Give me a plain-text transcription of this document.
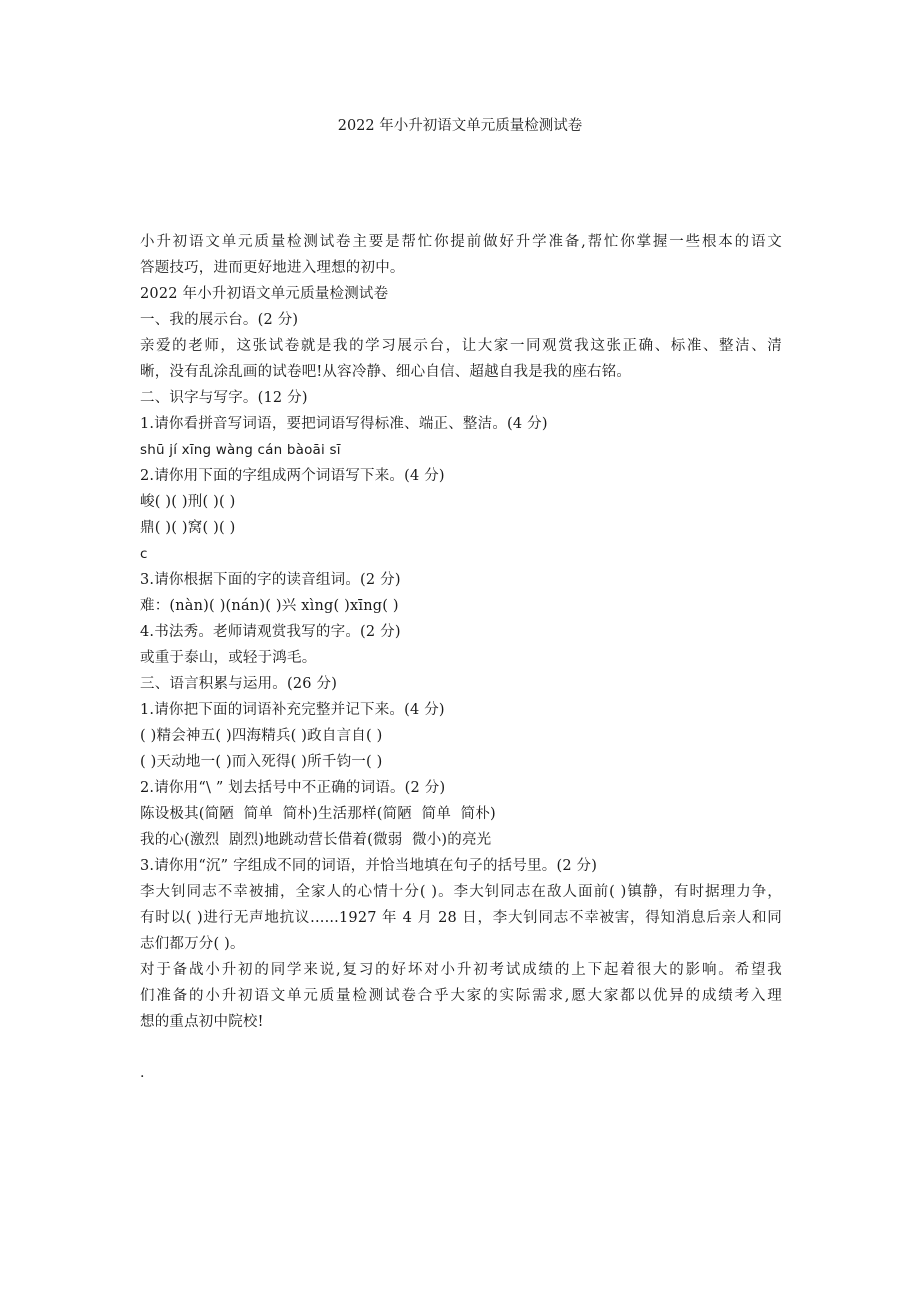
2022 年小升初语文单元质量检测试卷
小升初语文单元质量检测试卷主要是帮忙你提前做好升学准备,帮忙你掌握一些根本的语文
答题技巧，进而更好地进入理想的初中。
2022 年小升初语文单元质量检测试卷
一、我的展示台。(2 分)
亲爱的老师，这张试卷就是我的学习展示台，让大家一同观赏我这张正确、标准、整洁、清
晰，没有乱涂乱画的试卷吧!从容冷静、细心自信、超越自我是我的座右铭。
二、识字与写字。(12 分)
1.请你看拼音写词语，要把词语写得标准、端正、整洁。(4 分)
shū jí xīng wàng cán bàoāi sī
2.请你用下面的字组成两个词语写下来。(4 分)
峻( )( )刑( )( )
鼎( )( )窝( )( )
c
3.请你根据下面的字的读音组词。(2 分)
难：(nàn)( )(nán)( )兴 xìng( )xīng( )
4.书法秀。老师请观赏我写的字。(2 分)
或重于泰山，或轻于鸿毛。
三、语言积累与运用。(26 分)
1.请你把下面的词语补充完整并记下来。(4 分)
( )精会神五( )四海精兵( )政自言自( )
( )天动地一( )而入死得( )所千钧一( )
2.请你用“\ ” 划去括号中不正确的词语。(2 分)
陈设极其(简陋  简单  简朴)生活那样(简陋  简单  简朴)
我的心(激烈  剧烈)地跳动营长借着(微弱  微小)的亮光
3.请你用“沉” 字组成不同的词语，并恰当地填在句子的括号里。(2 分)
李大钊同志不幸被捕，全家人的心情十分( )。李大钊同志在敌人面前( )镇静，有时据理力争，
有时以( )进行无声地抗议......1927 年 4 月 28 日，李大钊同志不幸被害，得知消息后亲人和同
志们都万分( )。
对于备战小升初的同学来说,复习的好坏对小升初考试成绩的上下起着很大的影响。希望我
们准备的小升初语文单元质量检测试卷合乎大家的实际需求,愿大家都以优异的成绩考入理
想的重点初中院校!
.
